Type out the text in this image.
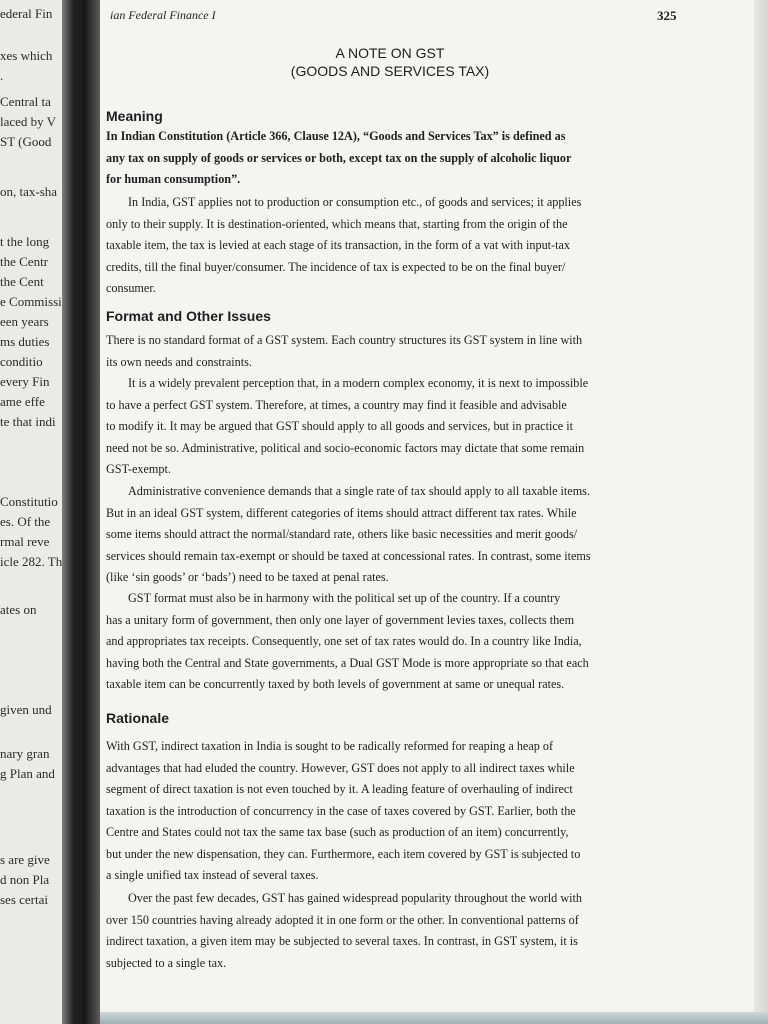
ederal Fin
xes which
.
Central ta
laced by V
ST (Good
on, tax-sha
t the long
the Centr
the Cent
e Commissi
een years
ms duties
conditio
every Fin
ame effe
te that indi
Constitutio
es. Of the
rmal reve
icle 282. Th
ates on
given und
nary gran
g Plan and
s are give
d non Pla
ses certai
ian Federal Finance I	325
A NOTE ON GST
(GOODS AND SERVICES TAX)
Meaning
In Indian Constitution (Article 366, Clause 12A), “Goods and Services Tax” is defined as
any tax on supply of goods or services or both, except tax on the supply of alcoholic liquor
for human consumption”.
In India, GST applies not to production or consumption etc., of goods and services; it applies
only to their supply. It is destination-oriented, which means that, starting from the origin of the
taxable item, the tax is levied at each stage of its transaction, in the form of a vat with input-tax
credits, till the final buyer/consumer. The incidence of tax is expected to be on the final buyer/
consumer.
Format and Other Issues
There is no standard format of a GST system. Each country structures its GST system in line with
its own needs and constraints.
It is a widely prevalent perception that, in a modern complex economy, it is next to impossible
to have a perfect GST system. Therefore, at times, a country may find it feasible and advisable
to modify it. It may be argued that GST should apply to all goods and services, but in practice it
need not be so. Administrative, political and socio-economic factors may dictate that some remain
GST-exempt.
Administrative convenience demands that a single rate of tax should apply to all taxable items.
But in an ideal GST system, different categories of items should attract different tax rates. While
some items should attract the normal/standard rate, others like basic necessities and merit goods/
services should remain tax-exempt or should be taxed at concessional rates. In contrast, some items
(like ‘sin goods’ or ‘bads’) need to be taxed at penal rates.
GST format must also be in harmony with the political set up of the country. If a country
has a unitary form of government, then only one layer of government levies taxes, collects them
and appropriates tax receipts. Consequently, one set of tax rates would do. In a country like India,
having both the Central and State governments, a Dual GST Mode is more appropriate so that each
taxable item can be concurrently taxed by both levels of government at same or unequal rates.
Rationale
With GST, indirect taxation in India is sought to be radically reformed for reaping a heap of
advantages that had eluded the country. However, GST does not apply to all indirect taxes while
segment of direct taxation is not even touched by it. A leading feature of overhauling of indirect
taxation is the introduction of concurrency in the case of taxes covered by GST. Earlier, both the
Centre and States could not tax the same tax base (such as production of an item) concurrently,
but under the new dispensation, they can. Furthermore, each item covered by GST is subjected to
a single unified tax instead of several taxes.
Over the past few decades, GST has gained widespread popularity throughout the world with
over 150 countries having already adopted it in one form or the other. In conventional patterns of
indirect taxation, a given item may be subjected to several taxes. In contrast, in GST system, it is
subjected to a single tax.
